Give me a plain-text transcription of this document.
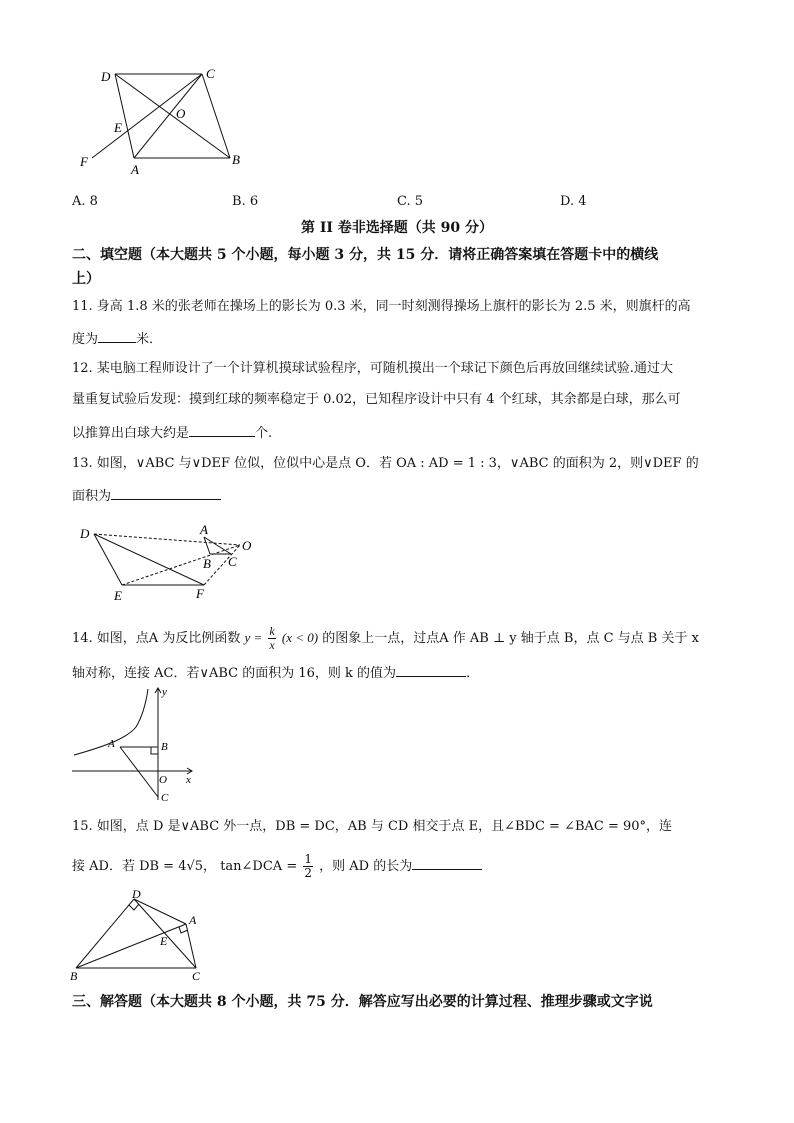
D	C
O
E
F
A
B
A. 8	B. 6	C. 5	D. 4
第 II 卷非选择题（共 90 分）
二、填空题（本大题共 5 个小题，每小题 3 分，共 15 分．请将正确答案填在答题卡中的横线
上）
11. 身高 1.8 米的张老师在操场上的影长为 0.3 米，同一时刻测得操场上旗杆的影长为 2.5 米，则旗杆的高
度为	米．
12. 某电脑工程师设计了一个计算机摸球试验程序，可随机摸出一个球记下颜色后再放回继续试验.通过大
量重复试验后发现：摸到红球的频率稳定于 0.02，已知程序设计中只有 4 个红球，其余都是白球，那么可
以推算出白球大约是	个.
13. 如图，∨ABC 与∨DEF 位似，位似中心是点 O．若 OA : AD = 1 : 3，∨ABC 的面积为 2，则∨DEF 的
面积为
D	A
O
B C
E	F
14. 如图，点A 为反比例函数 $y = \frac{k}{x} (x < 0)$ 的图象上一点，过点A 作 AB ⊥ y 轴于点 B，点 C 与点 B 关于 x
轴对称，连接 AC．若∨ABC 的面积为 16，则 k 的值为	．
y
x
A	B
O
C
15. 如图，点 D 是∨ABC 外一点，DB = DC，AB 与 CD 相交于点 E，且∠BDC = ∠BAC = 90°，连
接 AD．若 DB = 4√5， tan∠DCA = $\frac{1}{2}$ ，则 AD 的长为
D
A
E
B	C
三、解答题（本大题共 8 个小题，共 75 分．解答应写出必要的计算过程、推理步骤或文字说
